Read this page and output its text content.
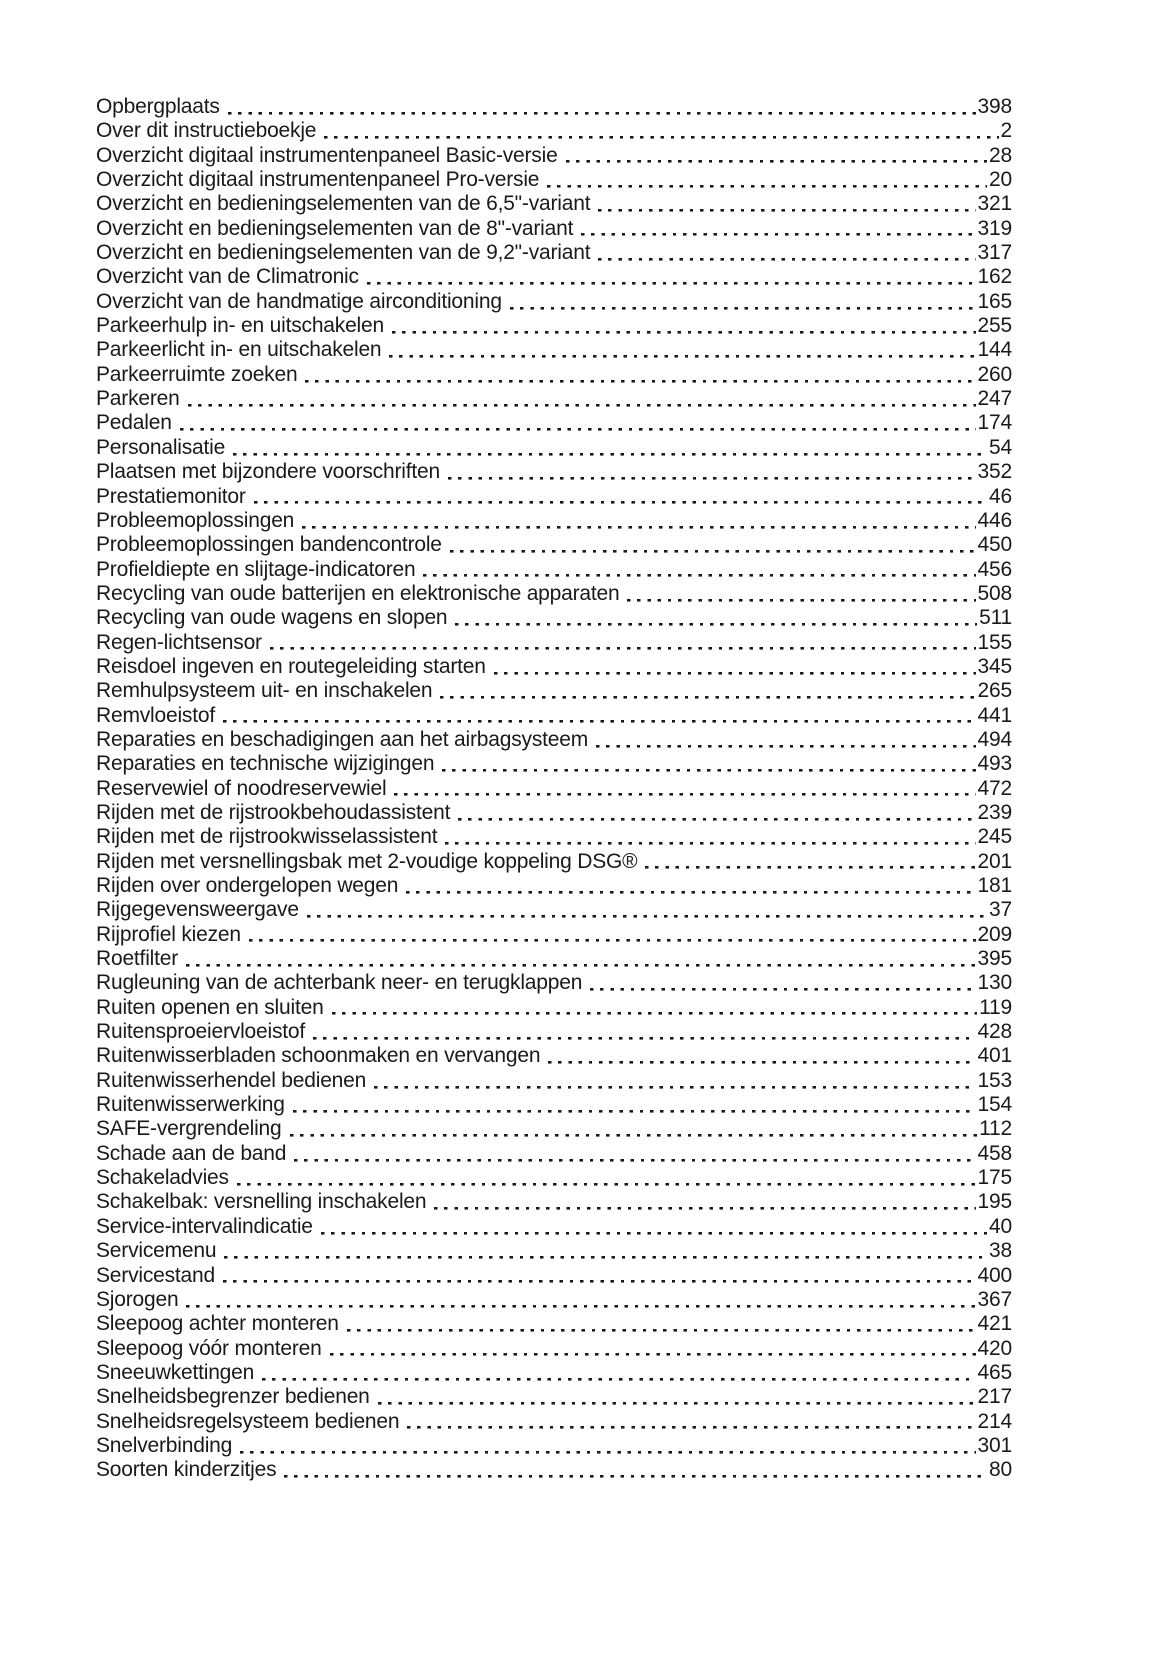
Opbergplaats	398
Over dit instructieboekje	2
Overzicht digitaal instrumentenpaneel Basic-versie	28
Overzicht digitaal instrumentenpaneel Pro-versie	20
Overzicht en bedieningselementen van de 6,5"-variant	321
Overzicht en bedieningselementen van de 8"-variant	319
Overzicht en bedieningselementen van de 9,2"-variant	317
Overzicht van de Climatronic	162
Overzicht van de handmatige airconditioning	165
Parkeerhulp in- en uitschakelen	255
Parkeerlicht in- en uitschakelen	144
Parkeerruimte zoeken	260
Parkeren	247
Pedalen	174
Personalisatie	54
Plaatsen met bijzondere voorschriften	352
Prestatiemonitor	46
Probleemoplossingen	446
Probleemoplossingen bandencontrole	450
Profieldiepte en slijtage-indicatoren	456
Recycling van oude batterijen en elektronische apparaten	508
Recycling van oude wagens en slopen	511
Regen-lichtsensor	155
Reisdoel ingeven en routegeleiding starten	345
Remhulpsysteem uit- en inschakelen	265
Remvloeistof	441
Reparaties en beschadigingen aan het airbagsysteem	494
Reparaties en technische wijzigingen	493
Reservewiel of noodreservewiel	472
Rijden met de rijstrookbehoudassistent	239
Rijden met de rijstrookwisselassistent	245
Rijden met versnellingsbak met 2-voudige koppeling DSG®	201
Rijden over ondergelopen wegen	181
Rijgegevensweergave	37
Rijprofiel kiezen	209
Roetfilter	395
Rugleuning van de achterbank neer- en terugklappen	130
Ruiten openen en sluiten	119
Ruitensproeiervloeistof	428
Ruitenwisserbladen schoonmaken en vervangen	401
Ruitenwisserhendel bedienen	153
Ruitenwisserwerking	154
SAFE-vergrendeling	112
Schade aan de band	458
Schakeladvies	175
Schakelbak: versnelling inschakelen	195
Service-intervalindicatie	40
Servicemenu	38
Servicestand	400
Sjorogen	367
Sleepoog achter monteren	421
Sleepoog vóór monteren	420
Sneeuwkettingen	465
Snelheidsbegrenzer bedienen	217
Snelheidsregelsysteem bedienen	214
Snelverbinding	301
Soorten kinderzitjes	80
